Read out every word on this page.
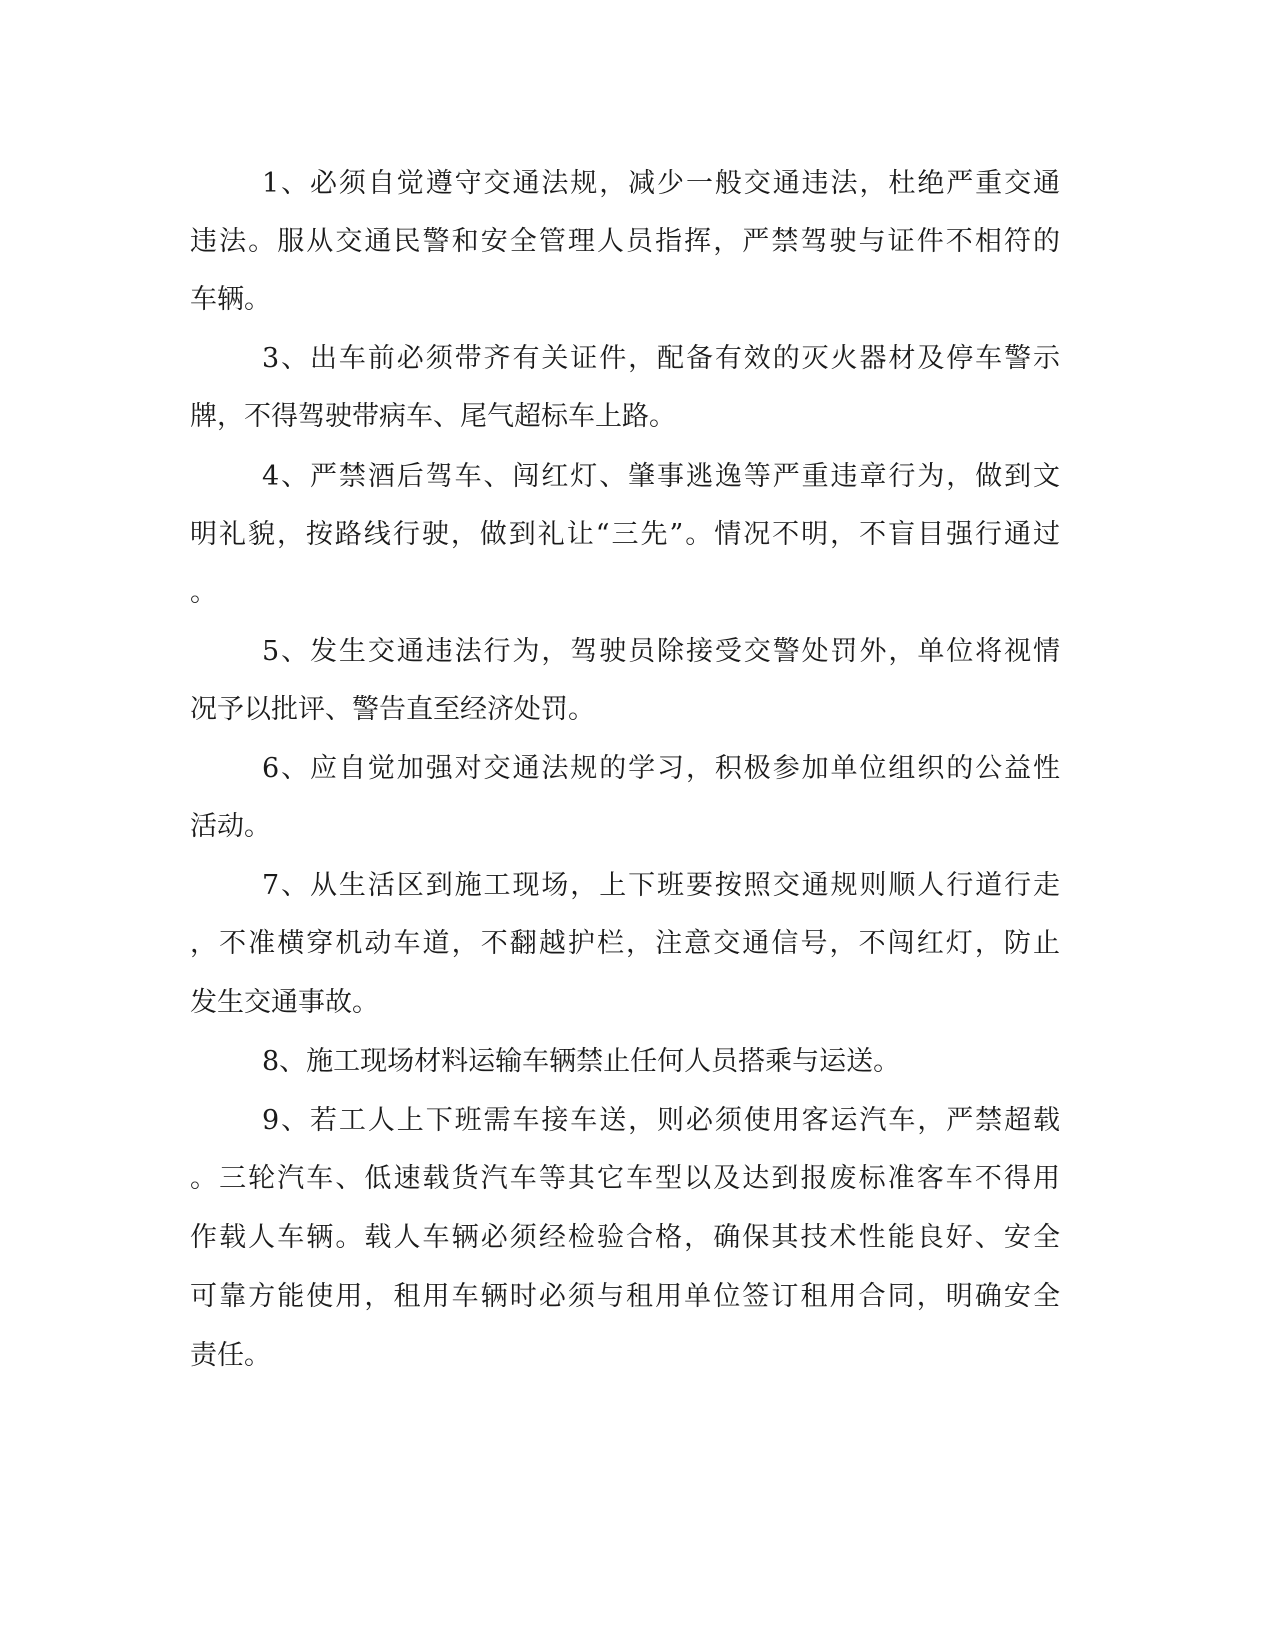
1、必须自觉遵守交通法规，减少一般交通违法，杜绝严重交通
违法。服从交通民警和安全管理人员指挥，严禁驾驶与证件不相符的
车辆。
3、出车前必须带齐有关证件，配备有效的灭火器材及停车警示
牌，不得驾驶带病车、尾气超标车上路。
4、严禁酒后驾车、闯红灯、肇事逃逸等严重违章行为，做到文
明礼貌，按路线行驶，做到礼让“三先”。情况不明，不盲目强行通过
。
5、发生交通违法行为，驾驶员除接受交警处罚外，单位将视情
况予以批评、警告直至经济处罚。
6、应自觉加强对交通法规的学习，积极参加单位组织的公益性
活动。
7、从生活区到施工现场，上下班要按照交通规则顺人行道行走
，不准横穿机动车道，不翻越护栏，注意交通信号，不闯红灯，防止
发生交通事故。
8、施工现场材料运输车辆禁止任何人员搭乘与运送。
9、若工人上下班需车接车送，则必须使用客运汽车，严禁超载
。三轮汽车、低速载货汽车等其它车型以及达到报废标准客车不得用
作载人车辆。载人车辆必须经检验合格，确保其技术性能良好、安全
可靠方能使用，租用车辆时必须与租用单位签订租用合同，明确安全
责任。
